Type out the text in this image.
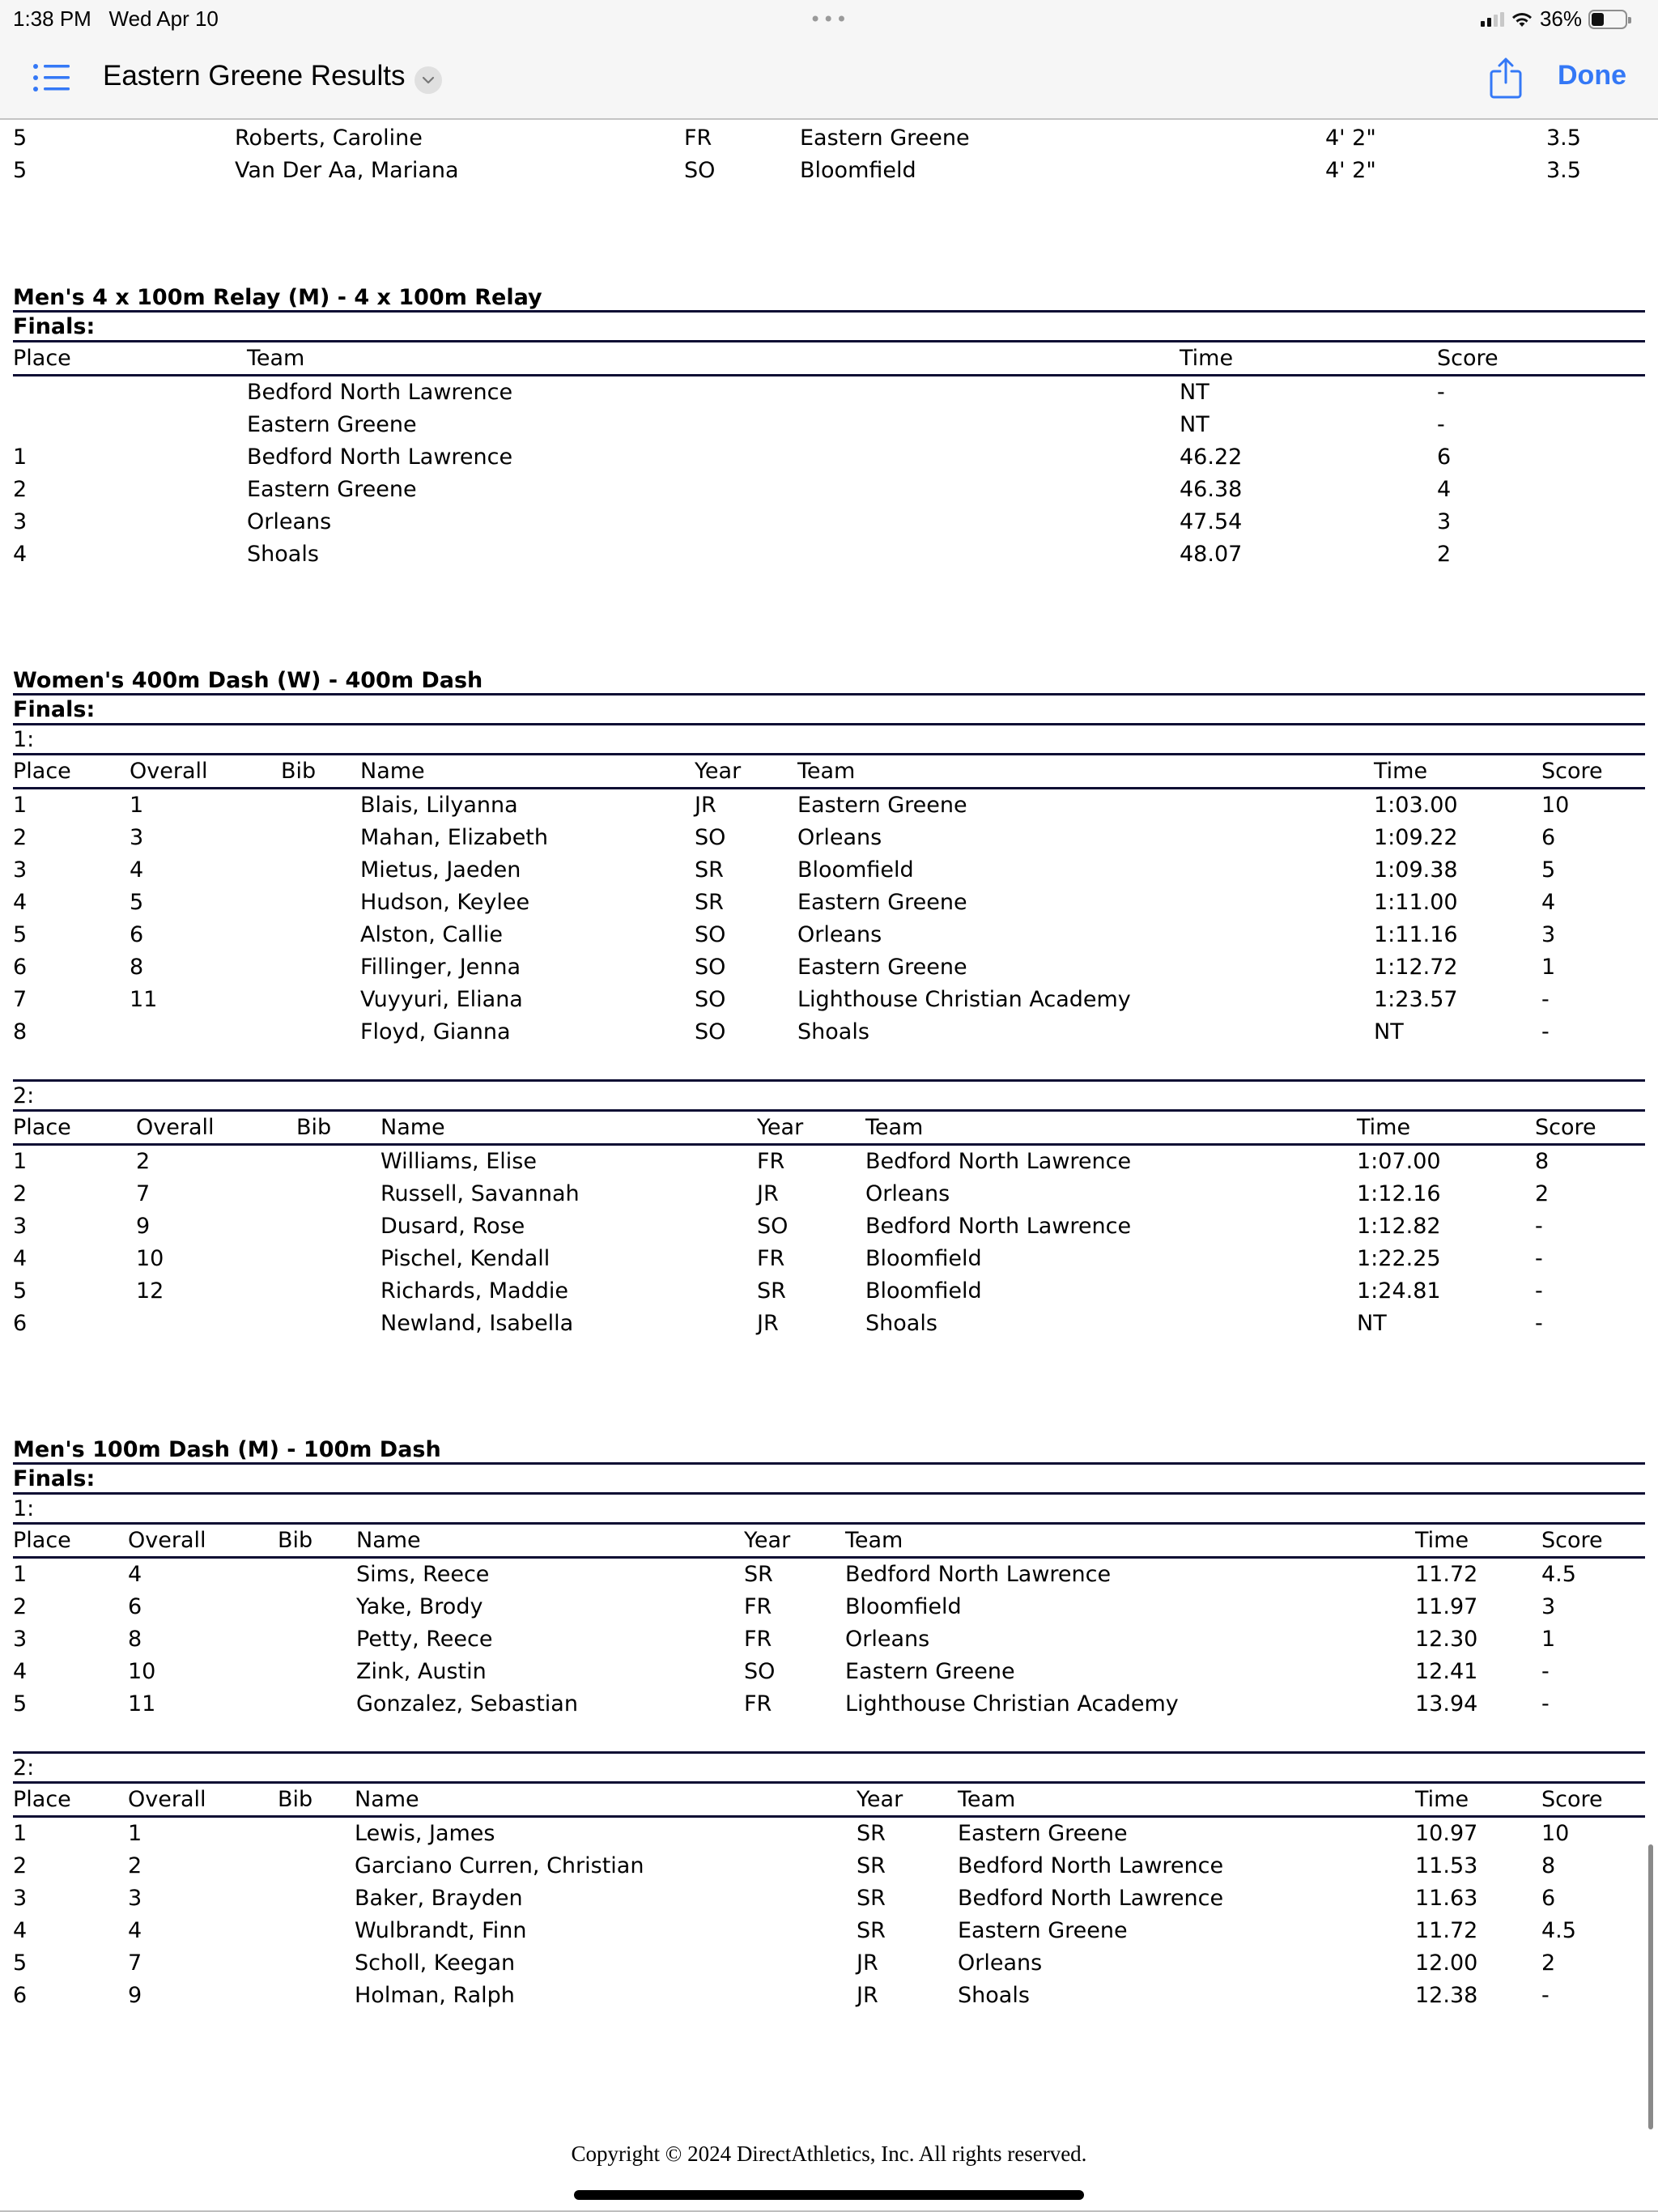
1:38 PM Wed Apr 10	•••	36%
Eastern Greene Results	Done
5	Roberts, Caroline	FR	Eastern Greene	4' 2"	3.5
5	Van Der Aa, Mariana	SO	Bloomfield	4' 2"	3.5
Men's 4 x 100m Relay (M) - 4 x 100m Relay
Finals:
Place	Team	Time	Score
Bedford North Lawrence	NT	-
Eastern Greene	NT	-
1	Bedford North Lawrence	46.22	6
2	Eastern Greene	46.38	4
3	Orleans	47.54	3
4	Shoals	48.07	2
Women's 400m Dash (W) - 400m Dash
Finals:
1:
Place	Overall	Bib Name	Year	Team	Time	Score
1	1	Blais, Lilyanna	JR	Eastern Greene	1:03.00	10
2	3	Mahan, Elizabeth	SO	Orleans	1:09.22	6
3	4	Mietus, Jaeden	SR	Bloomfield	1:09.38	5
4	5	Hudson, Keylee	SR	Eastern Greene	1:11.00	4
5	6	Alston, Callie	SO	Orleans	1:11.16	3
6	8	Fillinger, Jenna	SO	Eastern Greene	1:12.72	1
7	11	Vuyyuri, Eliana	SO	Lighthouse Christian Academy	1:23.57	-
8	Floyd, Gianna	SO	Shoals	NT	-
2:
Place	Overall	Bib Name	Year	Team	Time	Score
1	2	Williams, Elise	FR	Bedford North Lawrence	1:07.00	8
2	7	Russell, Savannah	JR	Orleans	1:12.16	2
3	9	Dusard, Rose	SO	Bedford North Lawrence	1:12.82	-
4	10	Pischel, Kendall	FR	Bloomfield	1:22.25	-
5	12	Richards, Maddie	SR	Bloomfield	1:24.81	-
6	Newland, Isabella	JR	Shoals	NT	-
Men's 100m Dash (M) - 100m Dash
Finals:
1:
Place	Overall	Bib Name	Year	Team	Time	Score
1	4	Sims, Reece	SR	Bedford North Lawrence	11.72	4.5
2	6	Yake, Brody	FR	Bloomfield	11.97	3
3	8	Petty, Reece	FR	Orleans	12.30	1
4	10	Zink, Austin	SO	Eastern Greene	12.41	-
5	11	Gonzalez, Sebastian	FR	Lighthouse Christian Academy	13.94	-
2:
Place	Overall	Bib Name	Year	Team	Time	Score
1	1	Lewis, James	SR	Eastern Greene	10.97	10
2	2	Garciano Curren, Christian	SR	Bedford North Lawrence	11.53	8
3	3	Baker, Brayden	SR	Bedford North Lawrence	11.63	6
4	4	Wulbrandt, Finn	SR	Eastern Greene	11.72	4.5
5	7	Scholl, Keegan	JR	Orleans	12.00	2
6	9	Holman, Ralph	JR	Shoals	12.38	-
Copyright © 2024 DirectAthletics, Inc. All rights reserved.
